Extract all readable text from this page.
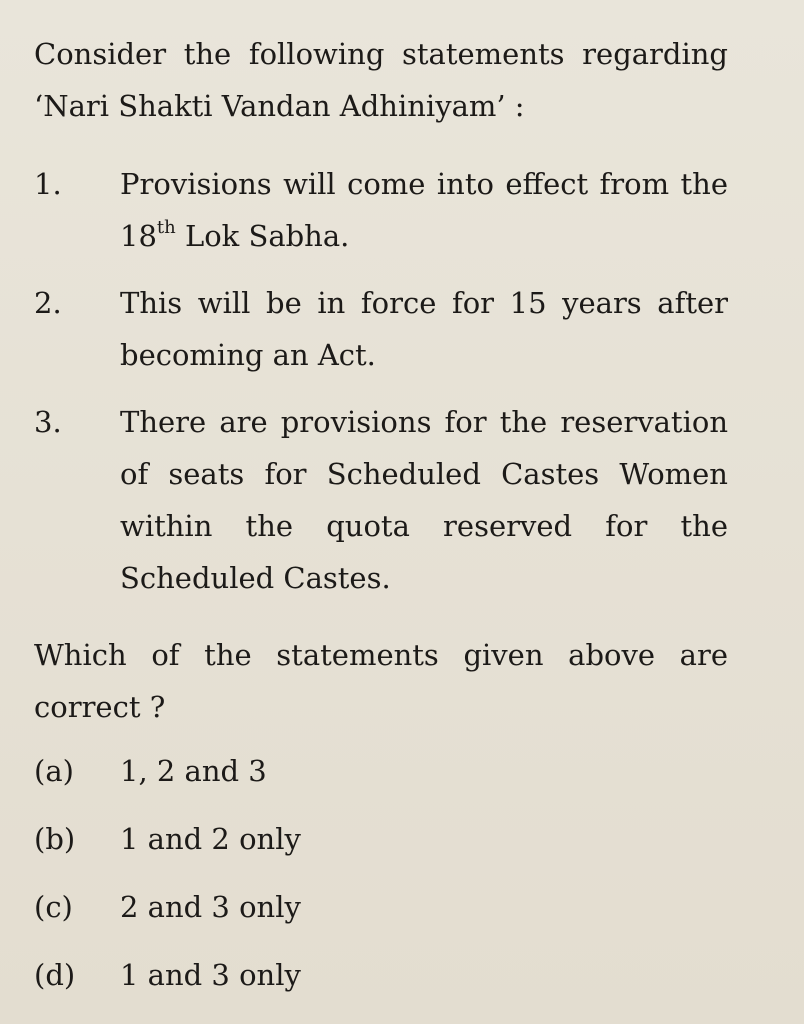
Consider the following statements regarding
‘Nari Shakti Vandan Adhiniyam’ :
1.	Provisions will come into effect from the
18th Lok Sabha.
2.	This will be in force for 15 years after
becoming an Act.
3.	There are provisions for the reservation
of seats for Scheduled Castes Women
within the quota reserved for the
Scheduled Castes.
Which of the statements given above are
correct ?
(a)	1, 2 and 3
(b)	1 and 2 only
(c)	2 and 3 only
(d)	1 and 3 only
